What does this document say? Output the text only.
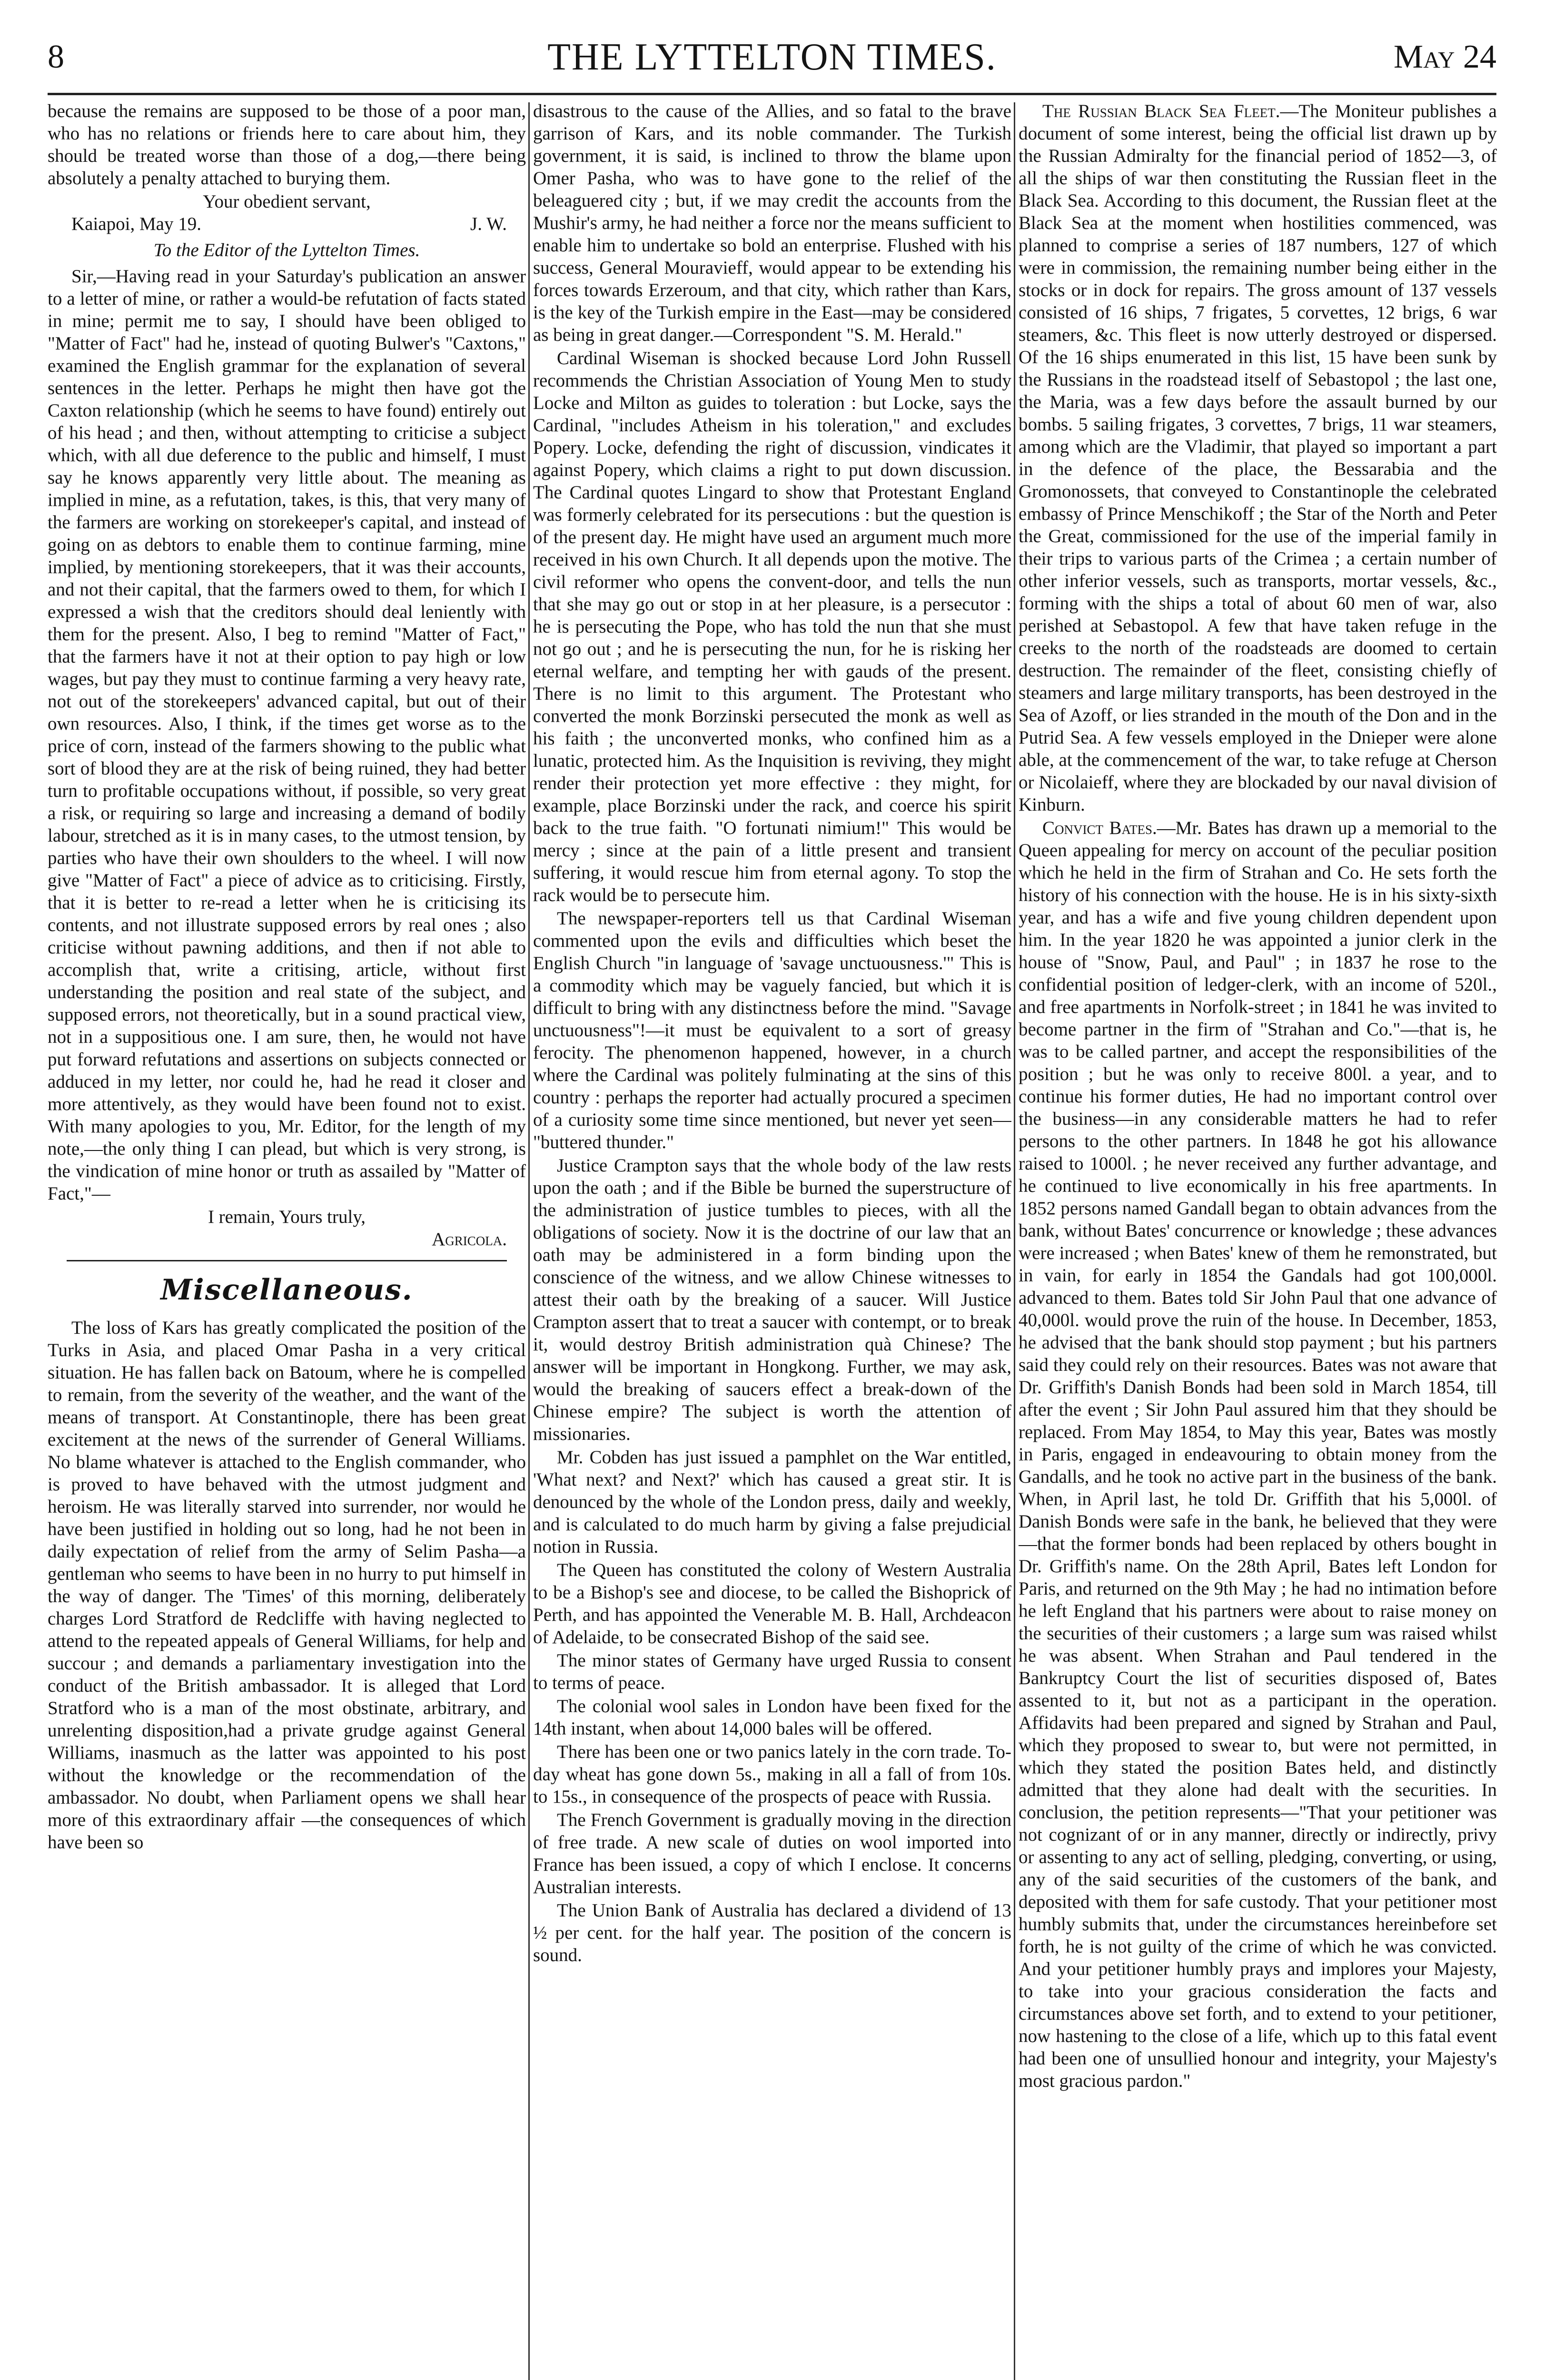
8	THE LYTTELTON TIMES.	May 24

because the remains are supposed to be those of a poor man, who has no relations or friends here to care about him, they should be treated worse than those of a dog,—there being absolutely a penalty attached to burying them.

Your obedient servant,
Kaiapoi, May 19.	J. W.
To the Editor of the Lyttelton Times.

Sir,—Having read in your Saturday's publication an answer to a letter of mine, or rather a would-be refutation of facts stated in mine; permit me to say, I should have been obliged to "Matter of Fact" had he, instead of quoting Bulwer's "Caxtons," examined the English grammar for the explanation of several sentences in the letter. Perhaps he might then have got the Caxton relationship (which he seems to have found) entirely out of his head ; and then, without attempting to criticise a subject which, with all due deference to the public and himself, I must say he knows apparently very little about. The meaning as implied in mine, as a refutation, takes, is this, that very many of the farmers are working on storekeeper's capital, and instead of going on as debtors to enable them to continue farming, mine implied, by mentioning storekeepers, that it was their accounts, and not their capital, that the farmers owed to them, for which I expressed a wish that the creditors should deal leniently with them for the present. Also, I beg to remind "Matter of Fact," that the farmers have it not at their option to pay high or low wages, but pay they must to continue farming a very heavy rate, not out of the storekeepers' advanced capital, but out of their own resources. Also, I think, if the times get worse as to the price of corn, instead of the farmers showing to the public what sort of blood they are at the risk of being ruined, they had better turn to profitable occupations without, if possible, so very great a risk, or requiring so large and increasing a demand of bodily labour, stretched as it is in many cases, to the utmost tension, by parties who have their own shoulders to the wheel. I will now give "Matter of Fact" a piece of advice as to criticising. Firstly, that it is better to re-read a letter when he is criticising its contents, and not illustrate supposed errors by real ones ; also criticise without pawning additions, and then if not able to accomplish that, write a critising, article, without first understanding the position and real state of the subject, and supposed errors, not theoretically, but in a sound practical view, not in a suppositious one. I am sure, then, he would not have put forward refutations and assertions on subjects connected or adduced in my letter, nor could he, had he read it closer and more attentively, as they would have been found not to exist. With many apologies to you, Mr. Editor, for the length of my note,—the only thing I can plead, but which is very strong, is the vindication of mine honor or truth as assailed by "Matter of Fact,"—

I remain, Yours truly,
Agricola.
Miscellaneous.

The loss of Kars has greatly complicated the position of the Turks in Asia, and placed Omar Pasha in a very critical situation. He has fallen back on Batoum, where he is compelled to remain, from the severity of the weather, and the want of the means of transport. At Constantinople, there has been great excitement at the news of the surrender of General Williams. No blame whatever is attached to the English commander, who is proved to have behaved with the utmost judgment and heroism. He was literally starved into surrender, nor would he have been justified in holding out so long, had he not been in daily expectation of relief from the army of Selim Pasha—a gentleman who seems to have been in no hurry to put himself in the way of danger. The 'Times' of this morning, deliberately charges Lord Stratford de Redcliffe with having neglected to attend to the repeated appeals of General Williams, for help and succour ; and demands a parliamentary investigation into the conduct of the British ambassador. It is alleged that Lord Stratford who is a man of the most obstinate, arbitrary, and unrelenting disposition,had a private grudge against General Williams, inasmuch as the latter was appointed to his post without the knowledge or the recommendation of the ambassador. No doubt, when Parliament opens we shall hear more of this extraordinary affair —the consequences of which have been so

disastrous to the cause of the Allies, and so fatal to the brave garrison of Kars, and its noble commander. The Turkish government, it is said, is inclined to throw the blame upon Omer Pasha, who was to have gone to the relief of the beleaguered city ; but, if we may credit the accounts from the Mushir's army, he had neither a force nor the means sufficient to enable him to undertake so bold an enterprise. Flushed with his success, General Mouravieff, would appear to be extending his forces towards Erzeroum, and that city, which rather than Kars, is the key of the Turkish empire in the East—may be considered as being in great danger.—Correspondent "S. M. Herald."

Cardinal Wiseman is shocked because Lord John Russell recommends the Christian Association of Young Men to study Locke and Milton as guides to toleration : but Locke, says the Cardinal, "includes Atheism in his toleration," and excludes Popery. Locke, defending the right of discussion, vindicates it against Popery, which claims a right to put down discussion. The Cardinal quotes Lingard to show that Protestant England was formerly celebrated for its persecutions : but the question is of the present day. He might have used an argument much more received in his own Church. It all depends upon the motive. The civil reformer who opens the convent-door, and tells the nun that she may go out or stop in at her pleasure, is a persecutor : he is persecuting the Pope, who has told the nun that she must not go out ; and he is persecuting the nun, for he is risking her eternal welfare, and tempting her with gauds of the present. There is no limit to this argument. The Protestant who converted the monk Borzinski persecuted the monk as well as his faith ; the unconverted monks, who confined him as a lunatic, protected him. As the Inquisition is reviving, they might render their protection yet more effective : they might, for example, place Borzinski under the rack, and coerce his spirit back to the true faith. "O fortunati nimium!" This would be mercy ; since at the pain of a little present and transient suffering, it would rescue him from eternal agony. To stop the rack would be to persecute him.

The newspaper-reporters tell us that Cardinal Wiseman commented upon the evils and difficulties which beset the English Church "in language of 'savage unctuousness.'" This is a commodity which may be vaguely fancied, but which it is difficult to bring with any distinctness before the mind. "Savage unctuousness"!—it must be equivalent to a sort of greasy ferocity. The phenomenon happened, however, in a church where the Cardinal was politely fulminating at the sins of this country : perhaps the reporter had actually procured a specimen of a curiosity some time since mentioned, but never yet seen— "buttered thunder."

Justice Crampton says that the whole body of the law rests upon the oath ; and if the Bible be burned the superstructure of the administration of justice tumbles to pieces, with all the obligations of society. Now it is the doctrine of our law that an oath may be administered in a form binding upon the conscience of the witness, and we allow Chinese witnesses to attest their oath by the breaking of a saucer. Will Justice Crampton assert that to treat a saucer with contempt, or to break it, would destroy British administration quà Chinese? The answer will be important in Hongkong. Further, we may ask, would the breaking of saucers effect a break-down of the Chinese empire? The subject is worth the attention of missionaries.

Mr. Cobden has just issued a pamphlet on the War entitled, 'What next? and Next?' which has caused a great stir. It is denounced by the whole of the London press, daily and weekly, and is calculated to do much harm by giving a false prejudicial notion in Russia.

The Queen has constituted the colony of Western Australia to be a Bishop's see and diocese, to be called the Bishoprick of Perth, and has appointed the Venerable M. B. Hall, Archdeacon of Adelaide, to be consecrated Bishop of the said see.

The minor states of Germany have urged Russia to consent to terms of peace.

The colonial wool sales in London have been fixed for the 14th instant, when about 14,000 bales will be offered.

There has been one or two panics lately in the corn trade. To-day wheat has gone down 5s., making in all a fall of from 10s. to 15s., in consequence of the prospects of peace with Russia.

The French Government is gradually moving in the direction of free trade. A new scale of duties on wool imported into France has been issued, a copy of which I enclose. It concerns Australian interests.

The Union Bank of Australia has declared a dividend of 13 ½ per cent. for the half year. The position of the concern is sound.

The Russian Black Sea Fleet.—The Moniteur publishes a document of some interest, being the official list drawn up by the Russian Admiralty for the financial period of 1852—3, of all the ships of war then constituting the Russian fleet in the Black Sea. According to this document, the Russian fleet at the Black Sea at the moment when hostilities commenced, was planned to comprise a series of 187 numbers, 127 of which were in commission, the remaining number being either in the stocks or in dock for repairs. The gross amount of 137 vessels consisted of 16 ships, 7 frigates, 5 corvettes, 12 brigs, 6 war steamers, &c. This fleet is now utterly destroyed or dispersed. Of the 16 ships enumerated in this list, 15 have been sunk by the Russians in the roadstead itself of Sebastopol ; the last one, the Maria, was a few days before the assault burned by our bombs. 5 sailing frigates, 3 corvettes, 7 brigs, 11 war steamers, among which are the Vladimir, that played so important a part in the defence of the place, the Bessarabia and the Gromonossets, that conveyed to Constantinople the celebrated embassy of Prince Menschikoff ; the Star of the North and Peter the Great, commissioned for the use of the imperial family in their trips to various parts of the Crimea ; a certain number of other inferior vessels, such as transports, mortar vessels, &c., forming with the ships a total of about 60 men of war, also perished at Sebastopol. A few that have taken refuge in the creeks to the north of the roadsteads are doomed to certain destruction. The remainder of the fleet, consisting chiefly of steamers and large military transports, has been destroyed in the Sea of Azoff, or lies stranded in the mouth of the Don and in the Putrid Sea. A few vessels employed in the Dnieper were alone able, at the commencement of the war, to take refuge at Cherson or Nicolaieff, where they are blockaded by our naval division of Kinburn.

Convict Bates.—Mr. Bates has drawn up a memorial to the Queen appealing for mercy on account of the peculiar position which he held in the firm of Strahan and Co. He sets forth the history of his connection with the house. He is in his sixty-sixth year, and has a wife and five young children dependent upon him. In the year 1820 he was appointed a junior clerk in the house of "Snow, Paul, and Paul" ; in 1837 he rose to the confidential position of ledger-clerk, with an income of 520l., and free apartments in Norfolk-street ; in 1841 he was invited to become partner in the firm of "Strahan and Co."—that is, he was to be called partner, and accept the responsibilities of the position ; but he was only to receive 800l. a year, and to continue his former duties, He had no important control over the business—in any considerable matters he had to refer persons to the other partners. In 1848 he got his allowance raised to 1000l. ; he never received any further advantage, and he continued to live economically in his free apartments. In 1852 persons named Gandall began to obtain advances from the bank, without Bates' concurrence or knowledge ; these advances were increased ; when Bates' knew of them he remonstrated, but in vain, for early in 1854 the Gandals had got 100,000l. advanced to them. Bates told Sir John Paul that one advance of 40,000l. would prove the ruin of the house. In December, 1853, he advised that the bank should stop payment ; but his partners said they could rely on their resources. Bates was not aware that Dr. Griffith's Danish Bonds had been sold in March 1854, till after the event ; Sir John Paul assured him that they should be replaced. From May 1854, to May this year, Bates was mostly in Paris, engaged in endeavouring to obtain money from the Gandalls, and he took no active part in the business of the bank. When, in April last, he told Dr. Griffith that his 5,000l. of Danish Bonds were safe in the bank, he believed that they were—that the former bonds had been replaced by others bought in Dr. Griffith's name. On the 28th April, Bates left London for Paris, and returned on the 9th May ; he had no intimation before he left England that his partners were about to raise money on the securities of their customers ; a large sum was raised whilst he was absent. When Strahan and Paul tendered in the Bankruptcy Court the list of securities disposed of, Bates assented to it, but not as a participant in the operation. Affidavits had been prepared and signed by Strahan and Paul, which they proposed to swear to, but were not permitted, in which they stated the position Bates held, and distinctly admitted that they alone had dealt with the securities. In conclusion, the petition represents—"That your petitioner was not cognizant of or in any manner, directly or indirectly, privy or assenting to any act of selling, pledging, converting, or using, any of the said securities of the customers of the bank, and deposited with them for safe custody. That your petitioner most humbly submits that, under the circumstances hereinbefore set forth, he is not guilty of the crime of which he was convicted. And your petitioner humbly prays and implores your Majesty, to take into your gracious consideration the facts and circumstances above set forth, and to extend to your petitioner, now hastening to the close of a life, which up to this fatal event had been one of unsullied honour and integrity, your Majesty's most gracious pardon."
